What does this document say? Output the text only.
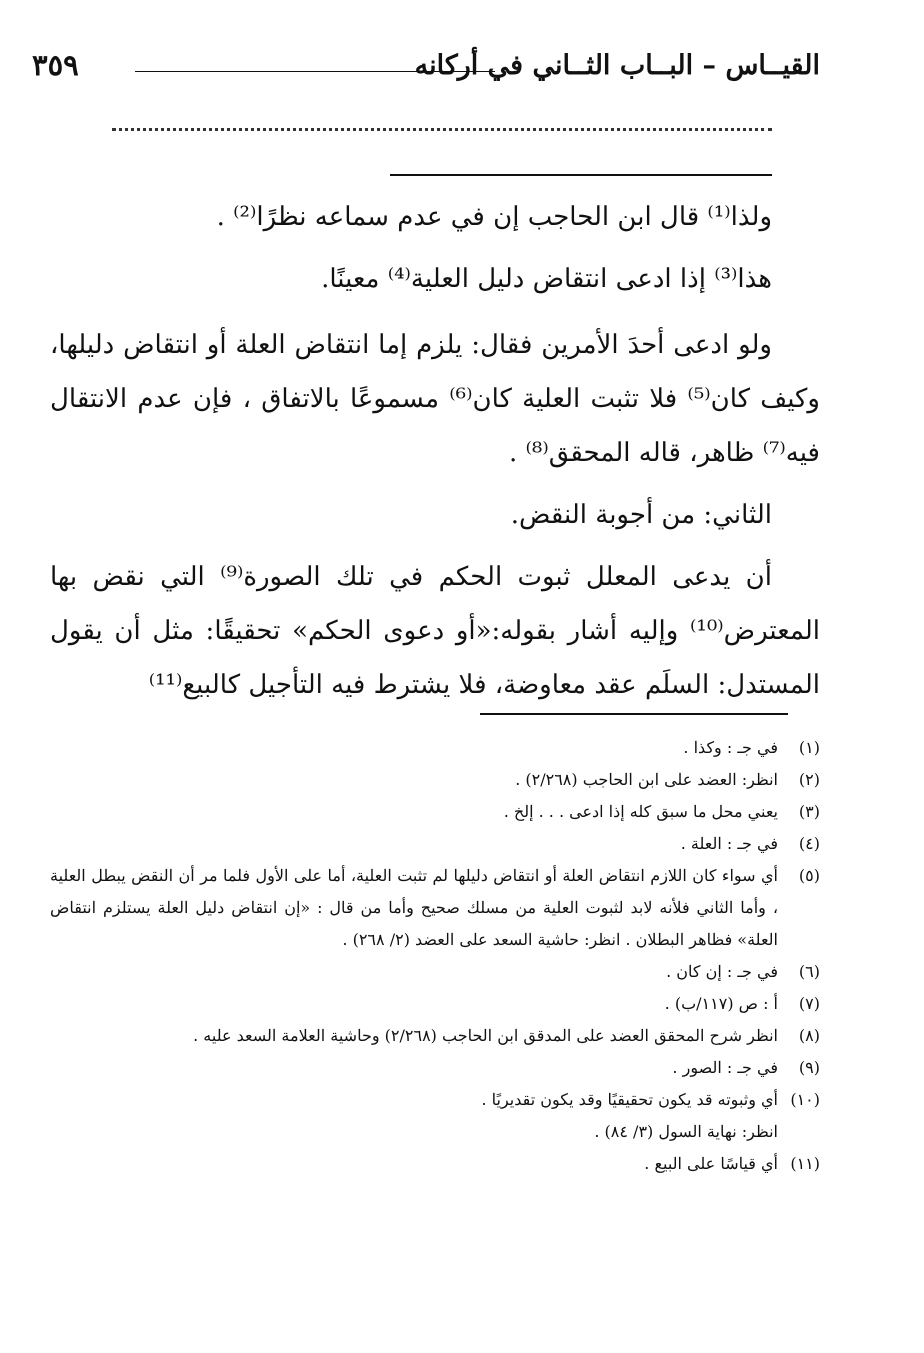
القيــاس – البــاب الثــاني في أركانه
٣٥٩

ولذا⁽¹⁾ قال ابن الحاجب إن في عدم سماعه نظرًا⁽²⁾ .

هذا⁽³⁾ إذا ادعى انتقاض دليل العلية⁽⁴⁾ معينًا.

ولو ادعى أحدَ الأمرين فقال: يلزم إما انتقاض العلة أو انتقاض دليلها، وكيف كان⁽⁵⁾ فلا تثبت العلية كان⁽⁶⁾ مسموعًا بالاتفاق ، فإن عدم الانتقال فيه⁽⁷⁾ ظاهر، قاله المحقق⁽⁸⁾ .

الثاني: من أجوبة النقض.

أن يدعى المعلل ثبوت الحكم في تلك الصورة⁽⁹⁾ التي نقض بها المعترض⁽¹⁰⁾ وإليه أشار بقوله:«أو دعوى الحكم» تحقيقًا: مثل أن يقول المستدل: السلَم عقد معاوضة، فلا يشترط فيه التأجيل كالبيع⁽¹¹⁾

(١)
في جـ : وكذا .
(٢)
انظر: العضد على ابن الحاجب (٢/٢٦٨) .
(٣)
يعني محل ما سبق كله إذا ادعى . . . إلخ .
(٤)
في جـ : العلة .
(٥)
أي سواء كان اللازم انتقاض العلة أو انتقاض دليلها لم تثبت العلية، أما على الأول فلما مر أن النقض يبطل العلية ، وأما الثاني فلأنه لابد لثبوت العلية من مسلك صحيح وأما من قال : «إن انتقاض دليل العلة يستلزم انتقاض العلة» فظاهر البطلان . انظر: حاشية السعد على العضد (٢/ ٢٦٨) .
(٦)
في جـ : إن كان .
(٧)
أ : ص (١١٧/ب) .
(٨)
انظر شرح المحقق العضد على المدقق ابن الحاجب (٢/٢٦٨) وحاشية العلامة السعد عليه .
(٩)
في جـ : الصور .
(١٠)
أي وثبوته قد يكون تحقيقيًا وقد يكون تقديريًا .
انظر: نهاية السول (٣/ ٨٤) .
(١١)
أي قياسًا على البيع .
